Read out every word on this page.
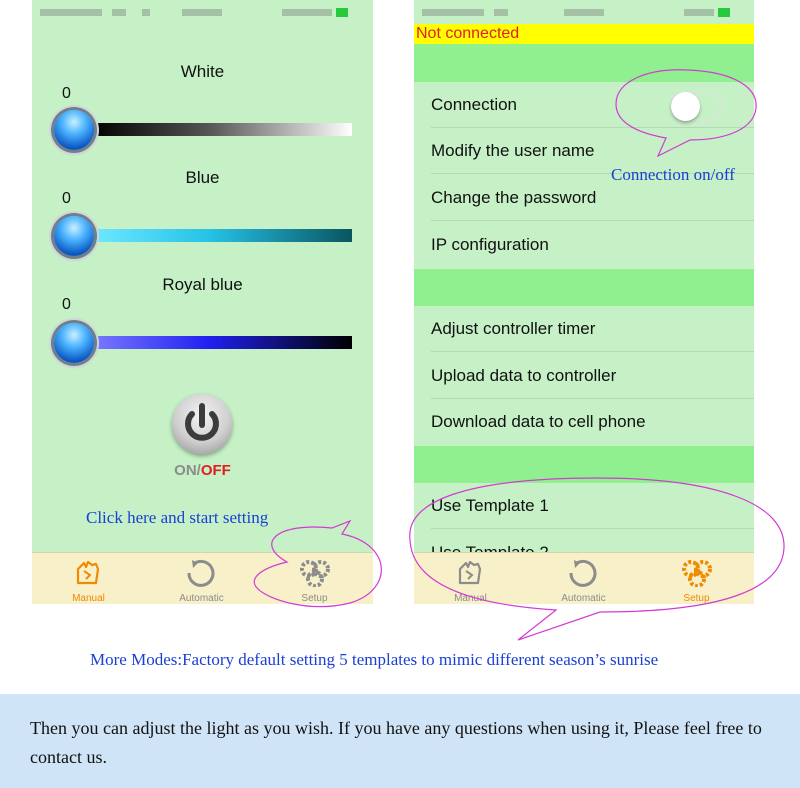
White
0
Blue
0
Royal blue
0
ON/OFF
Manual	Automatic	Setup
Not connected
Connection
Modify the user name
Change the password
IP configuration
Adjust controller timer
Upload data to controller
Download data to cell phone
Use Template 1
Manual	Automatic	Setup
Click here and start setting
Connection on/off
More Modes:Factory default setting 5 templates to mimic different season’s sunrise

Then you can adjust the light as you wish. If you have any questions when using it, Please feel free to contact us.
